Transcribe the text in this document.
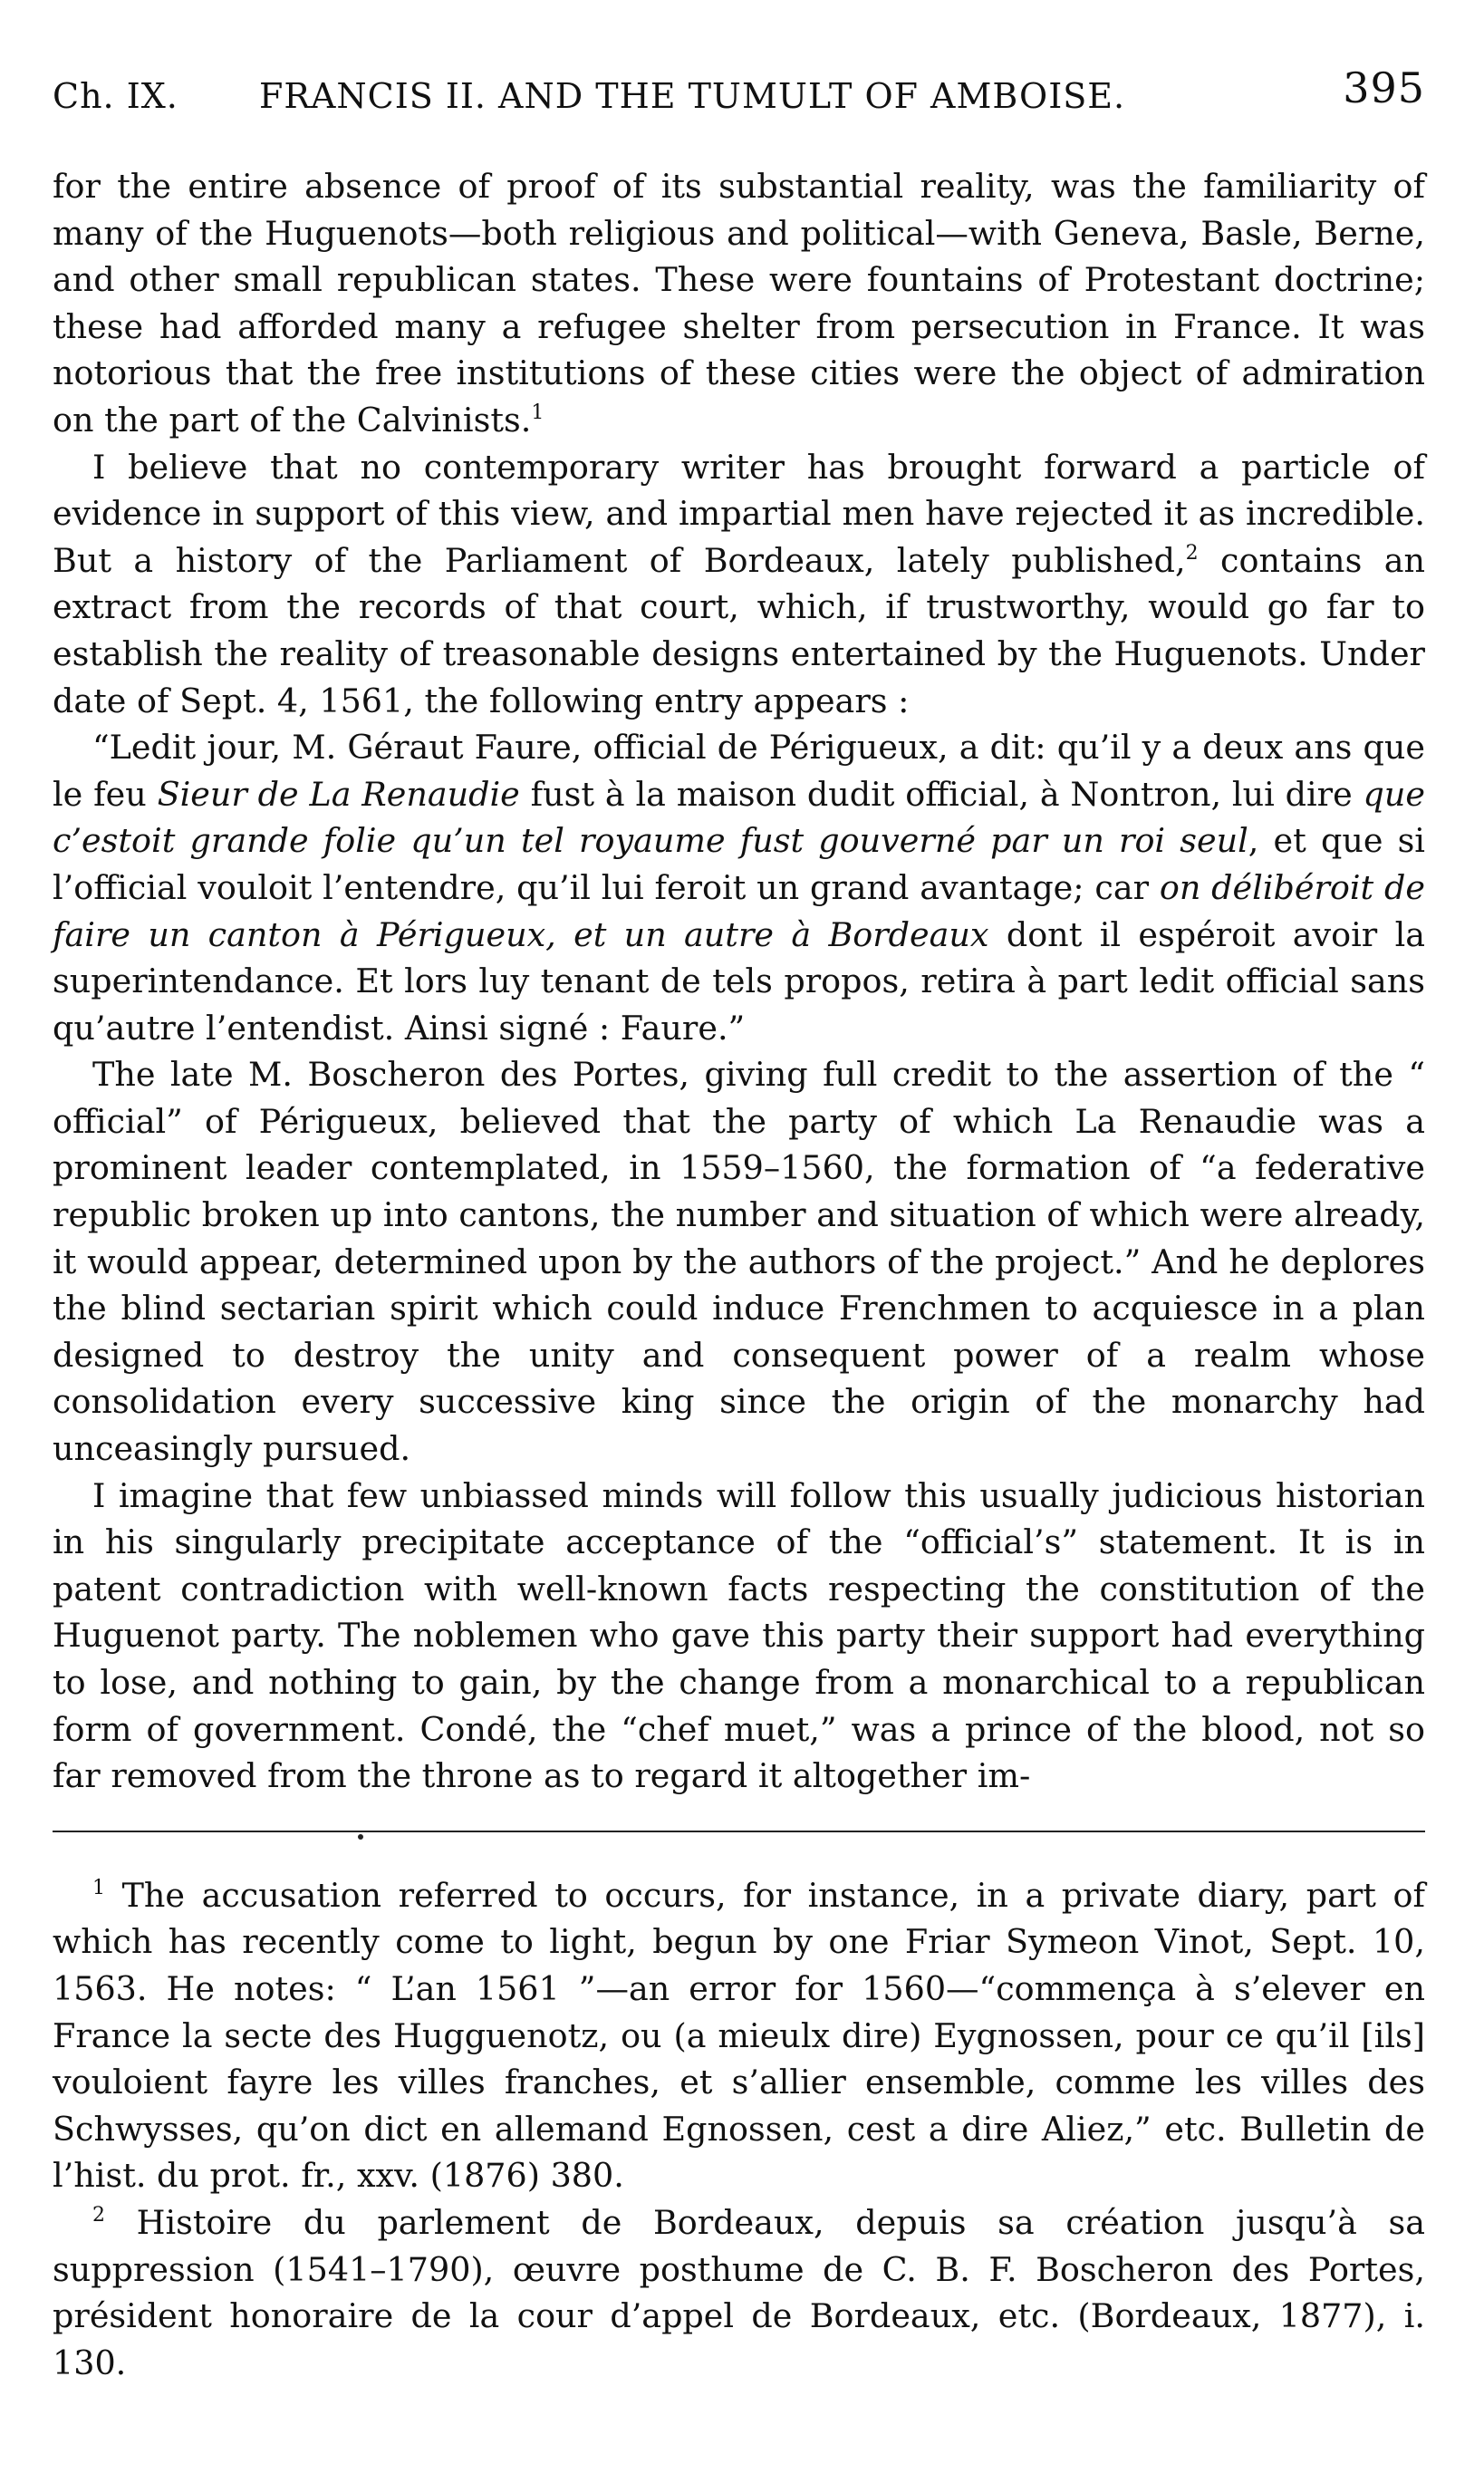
Ch. IX. FRANCIS II. AND THE TUMULT OF AMBOISE.	395

for the entire absence of proof of its substantial reality, was the familiarity of many of the Huguenots—both religious and political—with Geneva, Basle, Berne, and other small republican states. These were fountains of Protestant doctrine; these had afforded many a refugee shelter from persecution in France. It was notorious that the free institutions of these cities were the object of admiration on the part of the Calvinists.$^1$

I believe that no contemporary writer has brought forward a particle of evidence in support of this view, and impartial men have rejected it as incredible. But a history of the Parliament of Bordeaux, lately published,$^2$ contains an extract from the records of that court, which, if trustworthy, would go far to establish the reality of treasonable designs entertained by the Huguenots. Under date of Sept. 4, 1561, the following entry appears :

“Ledit jour, M. Géraut Faure, official de Périgueux, a dit: qu’il y a deux ans que le feu Sieur de La Renaudie fust à la maison dudit official, à Nontron, lui dire que c’estoit grande folie qu’un tel royaume fust gouverné par un roi seul, et que si l’official vouloit l’entendre, qu’il lui feroit un grand avantage; car on délibéroit de faire un canton à Périgueux, et un autre à Bordeaux dont il espéroit avoir la superintendance. Et lors luy tenant de tels propos, retira à part ledit official sans qu’autre l’entendist. Ainsi signé : Faure.”

The late M. Boscheron des Portes, giving full credit to the assertion of the “ official” of Périgueux, believed that the party of which La Renaudie was a prominent leader contemplated, in 1559–1560, the formation of “a federative republic broken up into cantons, the number and situation of which were already, it would appear, determined upon by the authors of the project.” And he deplores the blind sectarian spirit which could induce Frenchmen to acquiesce in a plan designed to destroy the unity and consequent power of a realm whose consolidation every successive king since the origin of the monarchy had unceasingly pursued.

I imagine that few unbiassed minds will follow this usually judicious historian in his singularly precipitate acceptance of the “official’s” statement. It is in patent contradiction with well-known facts respecting the constitution of the Huguenot party. The noblemen who gave this party their support had everything to lose, and nothing to gain, by the change from a monarchical to a republican form of government. Condé, the “chef muet,” was a prince of the blood, not so far removed from the throne as to regard it altogether im-

$^1$ The accusation referred to occurs, for instance, in a private diary, part of which has recently come to light, begun by one Friar Symeon Vinot, Sept. 10, 1563. He notes: “ L’an 1561 ”—an error for 1560—“commença à s’elever en France la secte des Hugguenotz, ou (a mieulx dire) Eygnossen, pour ce qu’il [ils] vouloient fayre les villes franches, et s’allier ensemble, comme les villes des Schwysses, qu’on dict en allemand Egnossen, cest a dire Aliez,” etc. Bulletin de l’hist. du prot. fr., xxv. (1876) 380.

$^2$ Histoire du parlement de Bordeaux, depuis sa création jusqu’à sa suppression (1541–1790), œuvre posthume de C. B. F. Boscheron des Portes, président honoraire de la cour d’appel de Bordeaux, etc. (Bordeaux, 1877), i. 130.
